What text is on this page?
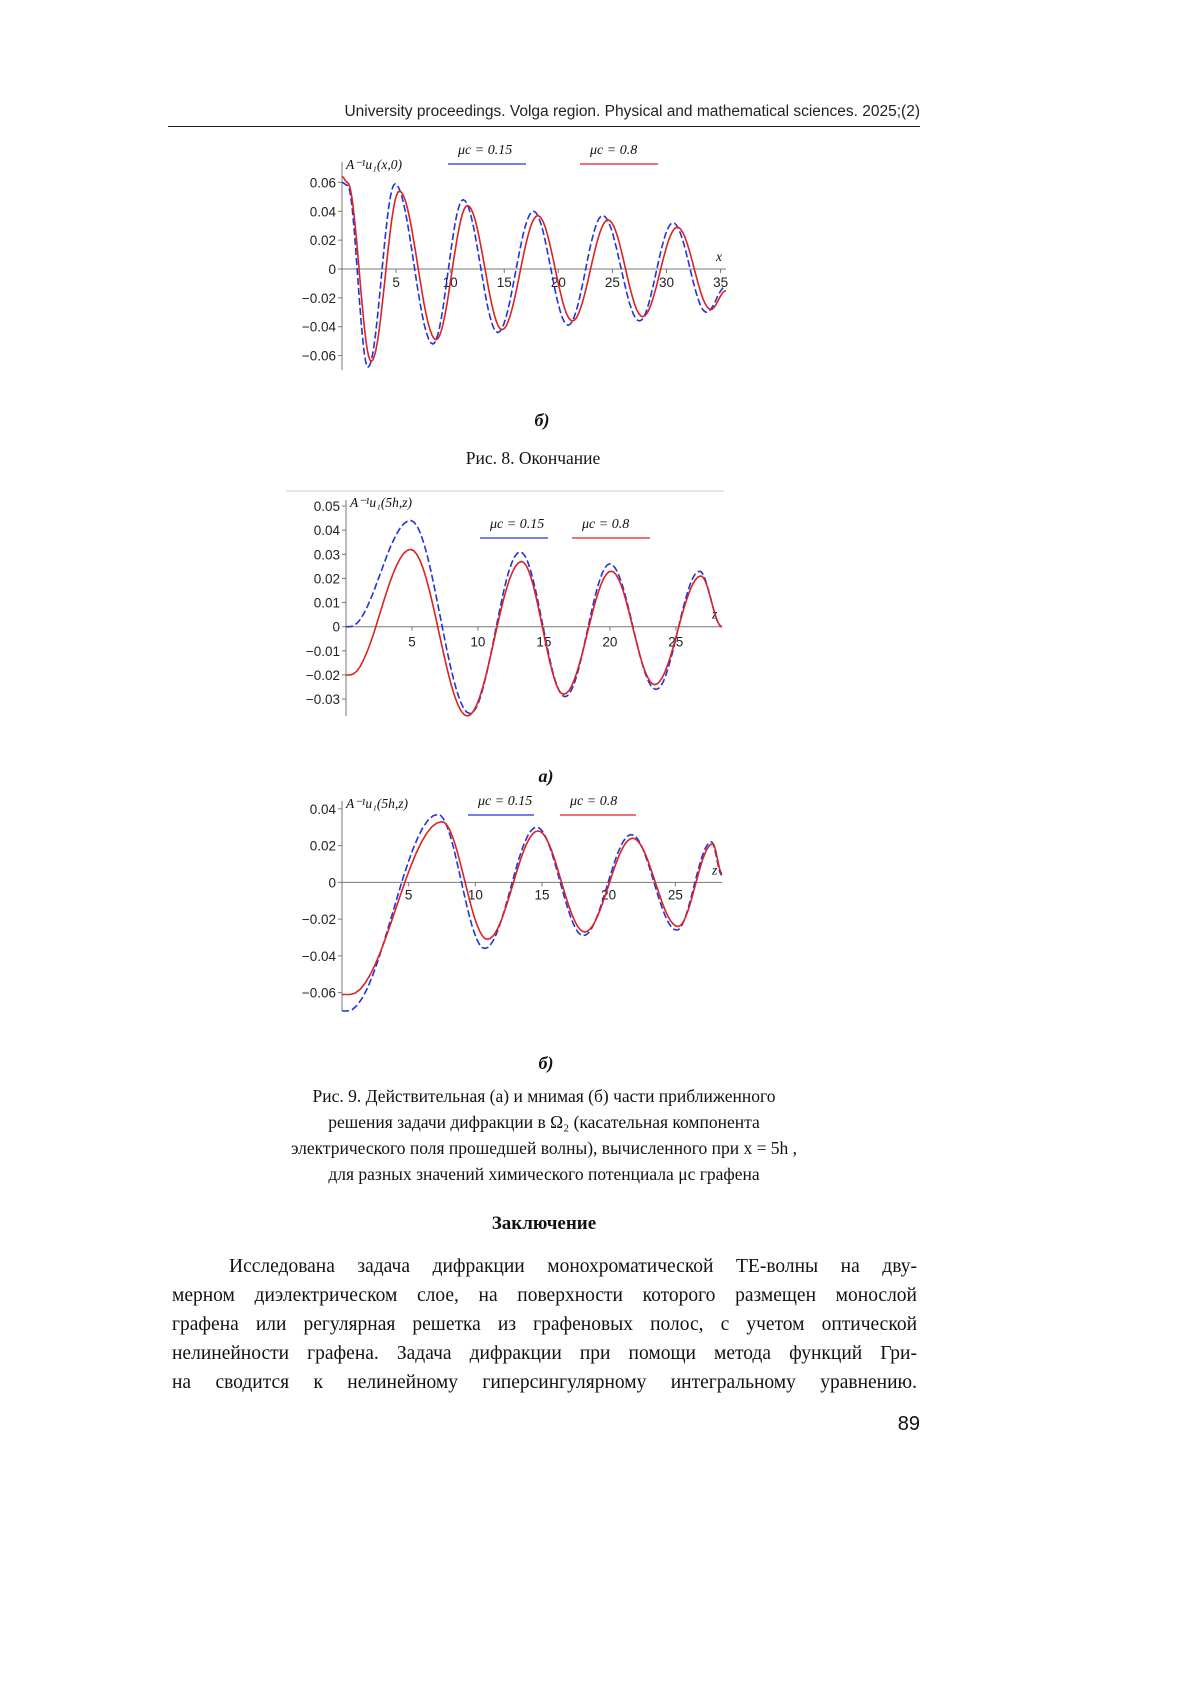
University proceedings. Volga region. Physical and mathematical sciences. 2025;(2)
0.06
0.04
0.02
0
−0.02
−0.04
−0.06
5	10	15	20	25	30	35
A⁻¹u₁(x,0)
x
μc = 0.15	μc = 0.8
б)
Рис. 8. Окончание
0.05
0.04
0.03
0.02
0.01
0
−0.01
−0.02
−0.03
5	10	15	20	25
A⁻¹u₁(5h,z)
z
μc = 0.15	μc = 0.8
а)
0.04
0.02
0
−0.02
−0.04
−0.06
5	10	15	20	25
A⁻¹u₁(5h,z)
z
μc = 0.15	μc = 0.8
б)
Рис. 9. Действительная (а) и мнимая (б) части приближенного
решения задачи дифракции в Ω₂ (касательная компонента
электрического поля прошедшей волны), вычисленного при x = 5h ,
для разных значений химического потенциала μc графена
Заключение
Исследована задача дифракции монохроматической ТЕ-волны на дву-
мерном диэлектрическом слое, на поверхности которого размещен монослой
графена или регулярная решетка из графеновых полос, с учетом оптической
нелинейности графена. Задача дифракции при помощи метода функций Гри-
на сводится к нелинейному гиперсингулярному интегральному уравнению.
89
